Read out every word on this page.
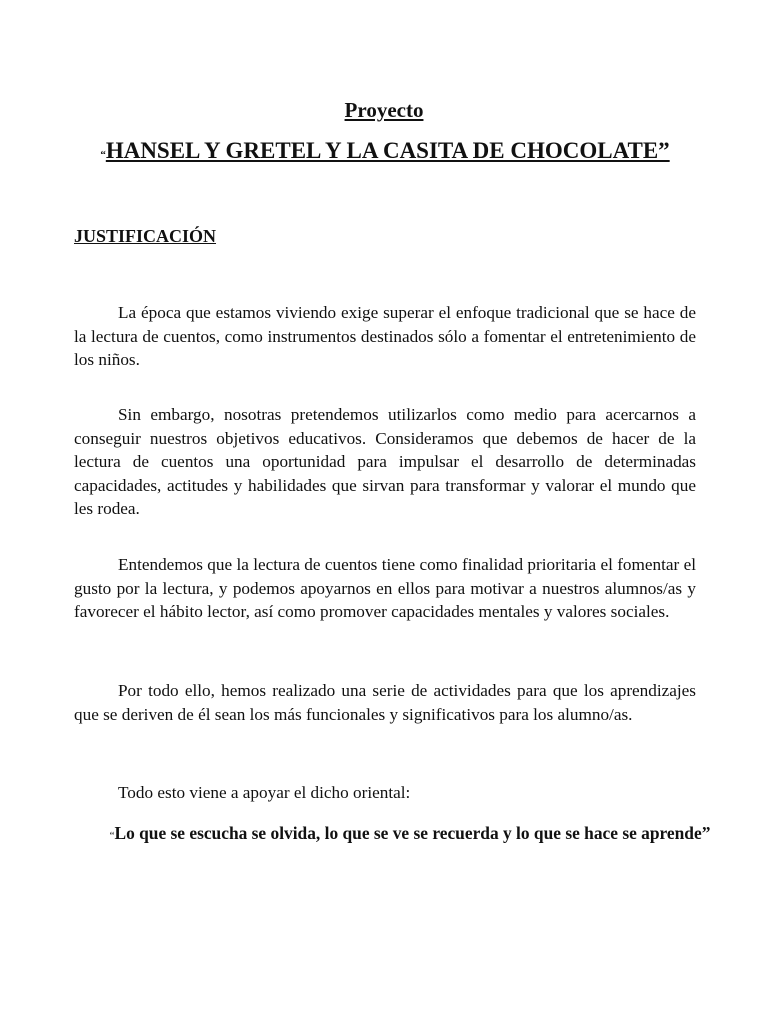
Proyecto
“HANSEL Y GRETEL Y LA CASITA DE CHOCOLATE”
JUSTIFICACIÓN

La época que estamos viviendo exige superar el enfoque tradicional que se hace de la lectura de cuentos, como instrumentos destinados sólo a fomentar el entretenimiento de los niños.

Sin embargo, nosotras pretendemos utilizarlos como medio para acercarnos a conseguir nuestros objetivos educativos. Consideramos que debemos de hacer de la lectura de cuentos una oportunidad para impulsar el desarrollo de determinadas capacidades, actitudes y habilidades que sirvan para transformar y valorar el mundo que les rodea.

Entendemos que la lectura de cuentos tiene como finalidad prioritaria el fomentar el gusto por la lectura, y podemos apoyarnos en ellos para motivar a nuestros alumnos/as y favorecer el hábito lector, así como promover capacidades mentales y valores sociales.

Por todo ello, hemos realizado una serie de actividades para que los aprendizajes que se deriven de él sean los más funcionales y significativos para los alumno/as.

Todo esto viene a apoyar el dicho oriental:

“Lo que se escucha se olvida, lo que se ve se recuerda y lo que se hace se aprende”
